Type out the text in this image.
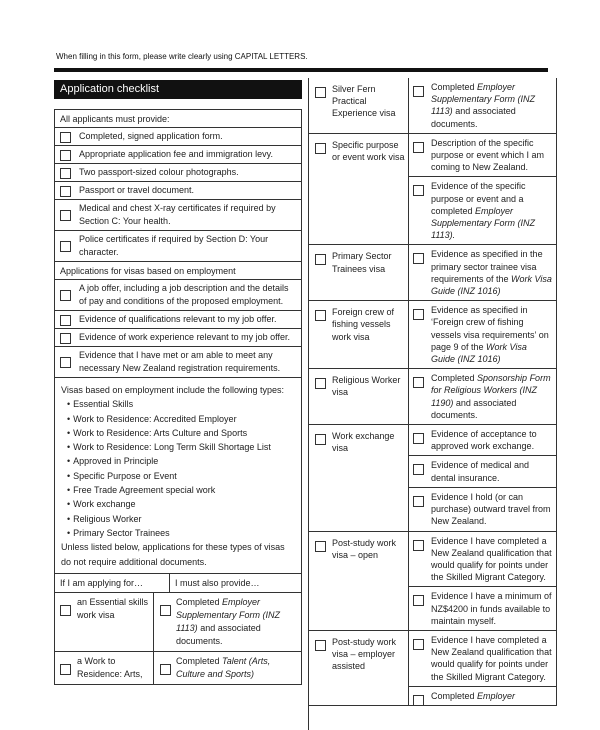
When filling in this form, please write clearly using CAPITAL LETTERS.
Application checklist
All applicants must provide:
Completed, signed application form.
Appropriate application fee and immigration levy.
Two passport-sized colour photographs.
Passport or travel document.
Medical and chest X-ray certificates if required by Section C: Your health.
Police certificates if required by Section D: Your character.
Applications for visas based on employment
A job offer, including a job description and the details of pay and conditions of the proposed employment.
Evidence of qualifications relevant to my job offer.
Evidence of work experience relevant to my job offer.
Evidence that I have met or am able to meet any necessary New Zealand registration requirements.
Visas based on employment include the following types:
• Essential Skills
• Work to Residence: Accredited Employer
• Work to Residence: Arts Culture and Sports
• Work to Residence: Long Term Skill Shortage List
• Approved in Principle
• Specific Purpose or Event
• Free Trade Agreement special work
• Work exchange
• Religious Worker
• Primary Sector Trainees
Unless listed below, applications for these types of visas do not require additional documents.
If I am applying for…	I must also provide…
an Essential skills work visa
Completed Employer Supplementary Form (INZ 1113) and associated documents.
a Work to Residence: Arts,
Completed Talent (Arts, Culture and Sports)
Silver Fern Practical Experience visa
Completed Employer Supplementary Form (INZ 1113) and associated documents.
Specific purpose or event work visa
Description of the specific purpose or event which I am coming to New Zealand.
Evidence of the specific purpose or event and a completed Employer Supplementary Form (INZ 1113).
Primary Sector Trainees visa
Evidence as specified in the primary sector trainee visa requirements of the Work Visa Guide (INZ 1016)
Foreign crew of fishing vessels work visa
Evidence as specified in ‘Foreign crew of fishing vessels visa requirements’ on page 9 of the Work Visa Guide (INZ 1016)
Religious Worker visa
Completed Sponsorship Form for Religious Workers (INZ 1190) and associated documents.
Work exchange visa
Evidence of acceptance to approved work exchange.
Evidence of medical and dental insurance.
Evidence I hold (or can purchase) outward travel from New Zealand.
Post-study work visa – open
Evidence I have completed a New Zealand qualification that would qualify for points under the Skilled Migrant Category.
Evidence I have a minimum of NZ$4200 in funds available to maintain myself.
Post-study work visa – employer assisted
Evidence I have completed a New Zealand qualification that would qualify for points under the Skilled Migrant Category.
Completed Employer
